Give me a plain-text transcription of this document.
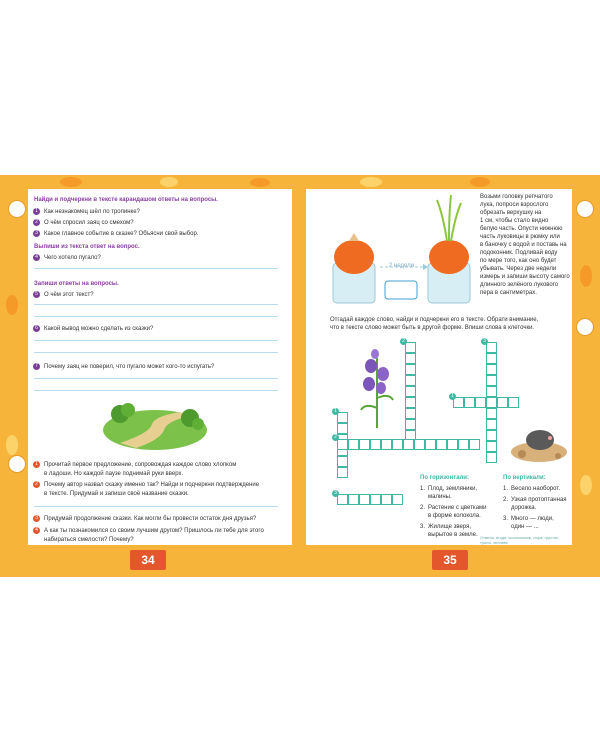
Найди и подчеркни в тексте карандашом ответы на вопросы.
1	Как незнакомец шёл по тропинке?
2	О чём спросил заяц со смехом?
3	Какое главное событие в сказке? Объясни свой выбор.
Выпиши из текста ответ на вопрос.
4	Чего хотело пугало?
Запиши ответы на вопросы.
5	О чём этот текст?
6	Какой вывод можно сделать из сказки?
7	Почему заяц не поверил, что пугало может кого-то испугать?
1	Прочитай первое предложение, сопровождая каждое слово хлопком
в ладоши. Но каждой паузе поднимай руки вверх.
2	Почему автор назвал сказку именно так? Найди и подчеркни подтверждение
в тексте. Придумай и запиши своё название сказки.
3	Придумай продолжение сказки. Как могли бы провести остаток дня друзья?
4	А как ты познакомился со своим лучшим другом? Пришлось ли тебе для этого
набираться смелости? Почему?
34
2 недели
Возьми головку репчатого
лука, попроси взрослого
обрезать верхушку на
1 см, чтобы стало видно
белую часть. Опусти нижнюю
часть луковицы в рюмку или
в баночку с водой и поставь на
подоконник. Подливай воду
по мере того, как оно будет
убывать. Через две недели
измерь и запиши высоту самого
длинного зелёного лукового
пера в сантиметрах.
Отгадай каждое слово, найди и подчеркни его в тексте. Обрати внимание,
что в тексте слово может быть в другой форме. Впиши слова в клеточки.
1
2	3
1
2
3
По горизонтали:
1. Плод, земляники,
малины.
2. Растение с цветками
в форме колокола.
3. Жилище зверя,
вырытое в земле.
По вертикали:
1. Весело наоборот.
2. Узкая протоптанная
дорожка.
3. Много — люди,
один — ...
Ответы: ягода, колокольчик, нора; грустно,
тропа, человек
35
